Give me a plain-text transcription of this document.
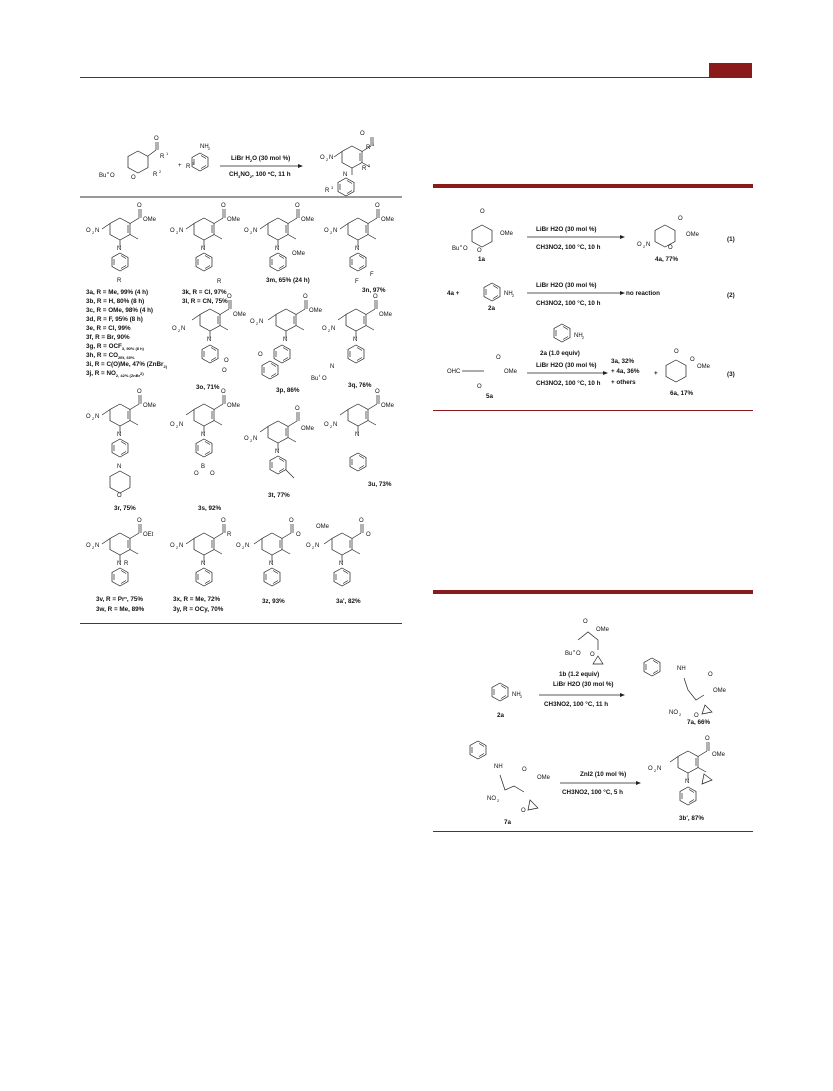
O
R
1
R
2
Bu
n
O	O
+
NH 2
R
3
LiBr $H_2O$ (30 mol %)
$CH_3NO_2$, 100 $^o$C, 11 h
O
R
1
R
2
O 2 N
N
R
3
O
OMe
O 2 N
N
R
3a, R = Me, 99% (4 h)
3b, R = H, 80% (8 h)
3c, R = OMe, 98% (4 h)
3d, R = F, 95% (8 h)
3e, R = Cl, 99%
3f, R = Br, 90%
3g, $R = OCF_{3, 90\% (8 h)}$
3h, $R = CO_{2Et, 60\%}$
3i, R = C(O)Me, 47% (ZnBr$_{2)}$
3j, $R = NO_{2, 42\% (ZnBr}^{2)}$
O
OMe
O 2 N
N
R
3k, R = Cl, 97%
3l, R = CN, 75%
O
OMe
O 2 N
N
OMe
3m, 65% (24 h)
O
OMe
O 2 N
N
F
F
3n, 97%
O
OMe
O 2 N
N
O
O
3o, 71%
O
OMe
O 2 N
N
O
3p, 86%
O
OMe
O 2 N
N
N
Bu
t
O
3q, 76%
O
OMe
O 2 N
N
N
O
3r, 75%
O
OMe
O 2 N
N
B
O O
3s, 92%
O
OMe
O 2 N
N
3t, 77%
O
OMe
O 2 N
N
3u, 73%
O
OEt
O 2 N
N R
3v, $R = Pr^n$, 75%
3w, R = Me, 89%
O
R
O 2 N
N
3x, R = Me, 72%
3y, R = OCy, 70%
O
O
OMe
O 2 N
N
3z, 93%
O
O
O 2 N
N
3a', 82%
O
OMe
Bu
n
O O
1a
LiBr H2O (30 mol %)
CH3NO2, 100 °C, 10 h
O
OMe
O 2 N	O
4a, 77%
(1)
4a +	NH 2
2a
LiBr H2O (30 mol %)
CH3NO2, 100 °C, 10 h
no reaction	(2)
NH 2
2a (1.0 equiv)
OHC
O
OMe
O
5a
LiBr H2O (30 mol %)
CH3NO2, 100 °C, 10 h
3a, 32%
+ 4a, 36%
+ others
+
O
O
OMe
6a, 17%
(3)
O
OMe
Bu
n
O O
1b (1.2 equiv)
LiBr H2O (30 mol %)
CH3NO2, 100 °C, 11 h
NH 2
2a
NH
O
OMe
NO 2 O
7a, 66%
NH	O
OMe
NO 2
O
7a
ZnI2 (10 mol %)
CH3NO2, 100 °C, 5 h
O
OMe
O 2 N
N
3b', 87%
